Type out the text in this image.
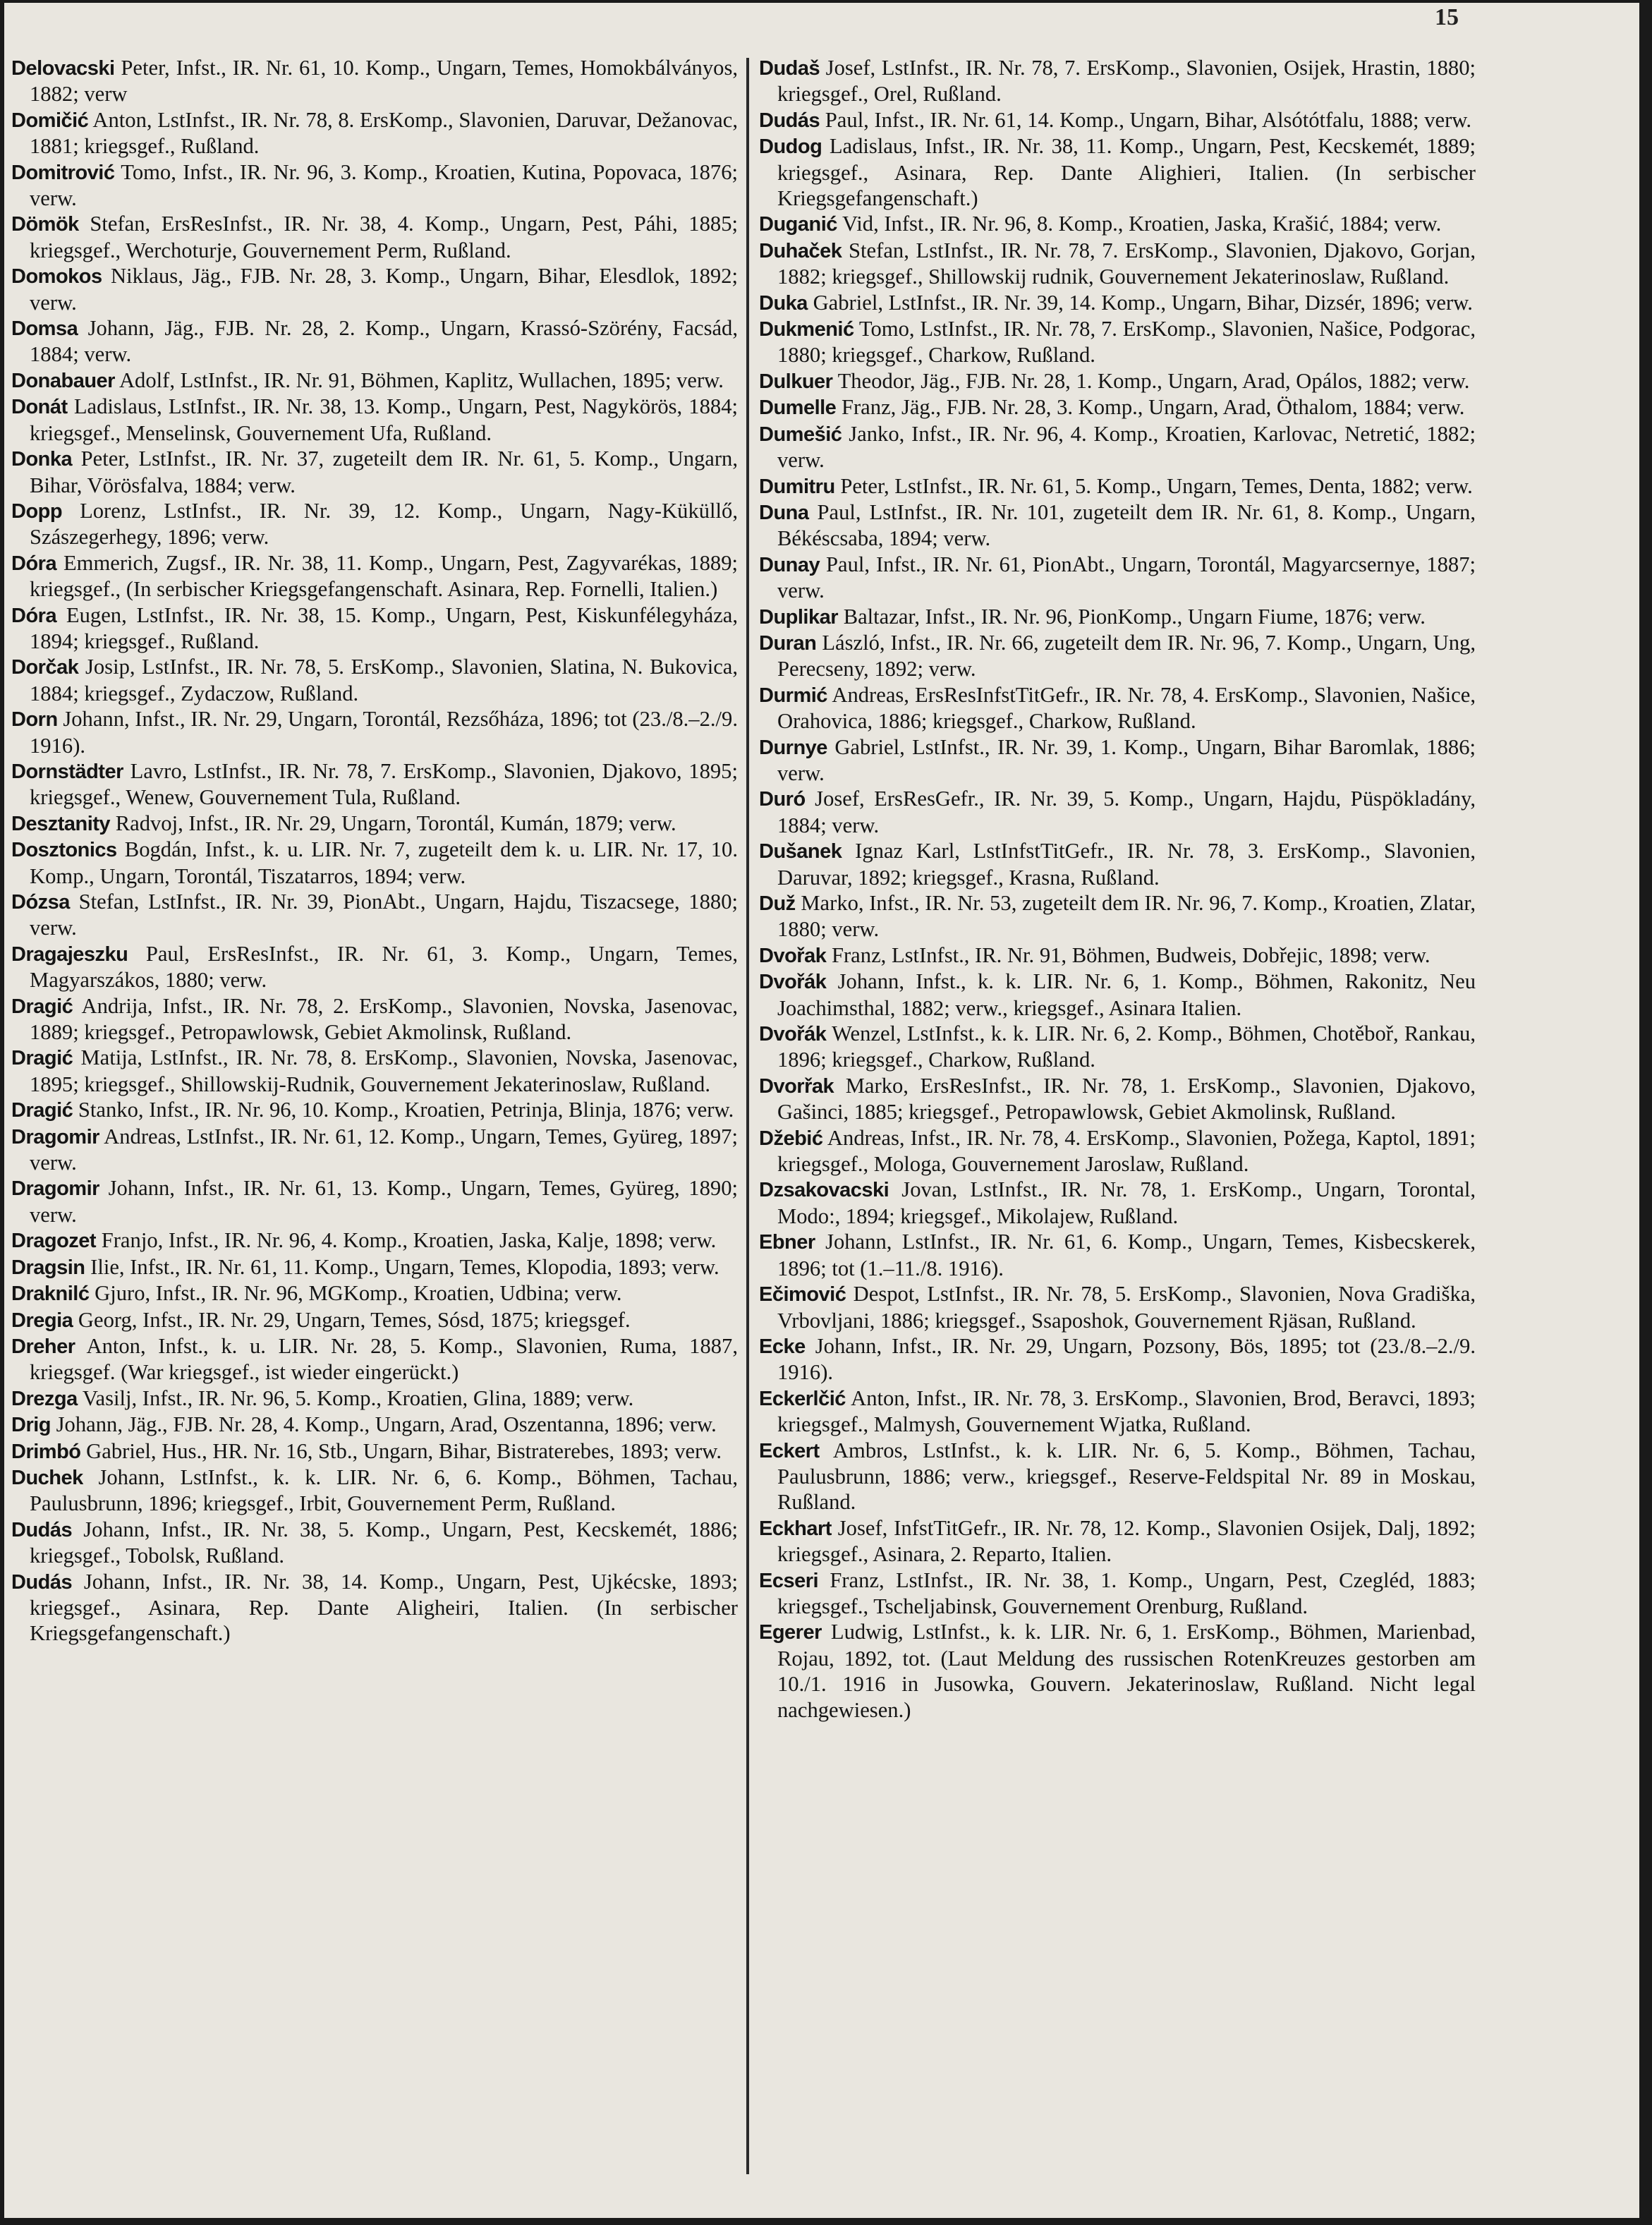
15

Delovacski Peter, Infst., IR. Nr. 61, 10. Komp., Ungarn, Temes, Homokbálványos, 1882; verw

Domičić Anton, LstInfst., IR. Nr. 78, 8. ErsKomp., Slavonien, Daruvar, Dežanovac, 1881; kriegsgef., Rußland.

Domitrović Tomo, Infst., IR. Nr. 96, 3. Komp., Kroatien, Kutina, Popovaca, 1876; verw.

Dömök Stefan, ErsResInfst., IR. Nr. 38, 4. Komp., Ungarn, Pest, Páhi, 1885; kriegsgef., Werchoturje, Gouvernement Perm, Rußland.

Domokos Niklaus, Jäg., FJB. Nr. 28, 3. Komp., Ungarn, Bihar, Elesdlok, 1892; verw.

Domsa Johann, Jäg., FJB. Nr. 28, 2. Komp., Ungarn, Krassó-Szörény, Facsád, 1884; verw.

Donabauer Adolf, LstInfst., IR. Nr. 91, Böhmen, Kaplitz, Wullachen, 1895; verw.

Donát Ladislaus, LstInfst., IR. Nr. 38, 13. Komp., Ungarn, Pest, Nagykörös, 1884; kriegsgef., Menselinsk, Gouvernement Ufa, Rußland.

Donka Peter, LstInfst., IR. Nr. 37, zugeteilt dem IR. Nr. 61, 5. Komp., Ungarn, Bihar, Vörösfalva, 1884; verw.

Dopp Lorenz, LstInfst., IR. Nr. 39, 12. Komp., Ungarn, Nagy-Küküllő, Szászegerhegy, 1896; verw.

Dóra Emmerich, Zugsf., IR. Nr. 38, 11. Komp., Ungarn, Pest, Zagyvarékas, 1889; kriegsgef., (In serbischer Kriegsgefangenschaft. Asinara, Rep. Fornelli, Italien.)

Dóra Eugen, LstInfst., IR. Nr. 38, 15. Komp., Ungarn, Pest, Kiskunfélegyháza, 1894; kriegsgef., Rußland.

Dorčak Josip, LstInfst., IR. Nr. 78, 5. ErsKomp., Slavonien, Slatina, N. Bukovica, 1884; kriegsgef., Zydaczow, Rußland.

Dorn Johann, Infst., IR. Nr. 29, Ungarn, Torontál, Rezsőháza, 1896; tot (23./8.–2./9. 1916).

Dornstädter Lavro, LstInfst., IR. Nr. 78, 7. ErsKomp., Slavonien, Djakovo, 1895; kriegsgef., Wenew, Gouvernement Tula, Rußland.

Desztanity Radvoj, Infst., IR. Nr. 29, Ungarn, Torontál, Kumán, 1879; verw.

Dosztonics Bogdán, Infst., k. u. LIR. Nr. 7, zugeteilt dem k. u. LIR. Nr. 17, 10. Komp., Ungarn, Torontál, Tiszatarros, 1894; verw.

Dózsa Stefan, LstInfst., IR. Nr. 39, PionAbt., Ungarn, Hajdu, Tiszacsege, 1880; verw.

Dragajeszku Paul, ErsResInfst., IR. Nr. 61, 3. Komp., Ungarn, Temes, Magyarszákos, 1880; verw.

Dragić Andrija, Infst., IR. Nr. 78, 2. ErsKomp., Slavonien, Novska, Jasenovac, 1889; kriegsgef., Petropawlowsk, Gebiet Akmolinsk, Rußland.

Dragić Matija, LstInfst., IR. Nr. 78, 8. ErsKomp., Slavonien, Novska, Jasenovac, 1895; kriegsgef., Shillowskij-Rudnik, Gouvernement Jekaterinoslaw, Rußland.

Dragić Stanko, Infst., IR. Nr. 96, 10. Komp., Kroatien, Petrinja, Blinja, 1876; verw.

Dragomir Andreas, LstInfst., IR. Nr. 61, 12. Komp., Ungarn, Temes, Gyüreg, 1897; verw.

Dragomir Johann, Infst., IR. Nr. 61, 13. Komp., Ungarn, Temes, Gyüreg, 1890; verw.

Dragozet Franjo, Infst., IR. Nr. 96, 4. Komp., Kroatien, Jaska, Kalje, 1898; verw.

Dragsin Ilie, Infst., IR. Nr. 61, 11. Komp., Ungarn, Temes, Klopodia, 1893; verw.

Draknilć Gjuro, Infst., IR. Nr. 96, MGKomp., Kroatien, Udbina; verw.

Dregia Georg, Infst., IR. Nr. 29, Ungarn, Temes, Sósd, 1875; kriegsgef.

Dreher Anton, Infst., k. u. LIR. Nr. 28, 5. Komp., Slavonien, Ruma, 1887, kriegsgef. (War kriegsgef., ist wieder eingerückt.)

Drezga Vasilj, Infst., IR. Nr. 96, 5. Komp., Kroatien, Glina, 1889; verw.

Drig Johann, Jäg., FJB. Nr. 28, 4. Komp., Ungarn, Arad, Oszentanna, 1896; verw.

Drimbó Gabriel, Hus., HR. Nr. 16, Stb., Ungarn, Bihar, Bistraterebes, 1893; verw.

Duchek Johann, LstInfst., k. k. LIR. Nr. 6, 6. Komp., Böhmen, Tachau, Paulusbrunn, 1896; kriegsgef., Irbit, Gouvernement Perm, Rußland.

Dudás Johann, Infst., IR. Nr. 38, 5. Komp., Ungarn, Pest, Kecskemét, 1886; kriegsgef., Tobolsk, Rußland.

Dudás Johann, Infst., IR. Nr. 38, 14. Komp., Ungarn, Pest, Ujkécske, 1893; kriegsgef., Asinara, Rep. Dante Aligheiri, Italien. (In serbischer Kriegsgefangenschaft.)

Dudaš Josef, LstInfst., IR. Nr. 78, 7. ErsKomp., Slavonien, Osijek, Hrastin, 1880; kriegsgef., Orel, Rußland.

Dudás Paul, Infst., IR. Nr. 61, 14. Komp., Ungarn, Bihar, Alsótótfalu, 1888; verw.

Dudog Ladislaus, Infst., IR. Nr. 38, 11. Komp., Ungarn, Pest, Kecskemét, 1889; kriegsgef., Asinara, Rep. Dante Alighieri, Italien. (In serbischer Kriegsgefangenschaft.)

Duganić Vid, Infst., IR. Nr. 96, 8. Komp., Kroatien, Jaska, Krašić, 1884; verw.

Duhaček Stefan, LstInfst., IR. Nr. 78, 7. ErsKomp., Slavonien, Djakovo, Gorjan, 1882; kriegsgef., Shillowskij rudnik, Gouvernement Jekaterinoslaw, Rußland.

Duka Gabriel, LstInfst., IR. Nr. 39, 14. Komp., Ungarn, Bihar, Dizsér, 1896; verw.

Dukmenić Tomo, LstInfst., IR. Nr. 78, 7. ErsKomp., Slavonien, Našice, Podgorac, 1880; kriegsgef., Charkow, Rußland.

Dulkuer Theodor, Jäg., FJB. Nr. 28, 1. Komp., Ungarn, Arad, Opálos, 1882; verw.

Dumelle Franz, Jäg., FJB. Nr. 28, 3. Komp., Ungarn, Arad, Öthalom, 1884; verw.

Dumešić Janko, Infst., IR. Nr. 96, 4. Komp., Kroatien, Karlovac, Netretić, 1882; verw.

Dumitru Peter, LstInfst., IR. Nr. 61, 5. Komp., Ungarn, Temes, Denta, 1882; verw.

Duna Paul, LstInfst., IR. Nr. 101, zugeteilt dem IR. Nr. 61, 8. Komp., Ungarn, Békéscsaba, 1894; verw.

Dunay Paul, Infst., IR. Nr. 61, PionAbt., Ungarn, Torontál, Magyarcsernye, 1887; verw.

Duplikar Baltazar, Infst., IR. Nr. 96, PionKomp., Ungarn Fiume, 1876; verw.

Duran László, Infst., IR. Nr. 66, zugeteilt dem IR. Nr. 96, 7. Komp., Ungarn, Ung, Perecseny, 1892; verw.

Durmić Andreas, ErsResInfstTitGefr., IR. Nr. 78, 4. ErsKomp., Slavonien, Našice, Orahovica, 1886; kriegsgef., Charkow, Rußland.

Durnye Gabriel, LstInfst., IR. Nr. 39, 1. Komp., Ungarn, Bihar Baromlak, 1886; verw.

Duró Josef, ErsResGefr., IR. Nr. 39, 5. Komp., Ungarn, Hajdu, Püspökladány, 1884; verw.

Dušanek Ignaz Karl, LstInfstTitGefr., IR. Nr. 78, 3. ErsKomp., Slavonien, Daruvar, 1892; kriegsgef., Krasna, Rußland.

Duž Marko, Infst., IR. Nr. 53, zugeteilt dem IR. Nr. 96, 7. Komp., Kroatien, Zlatar, 1880; verw.

Dvořak Franz, LstInfst., IR. Nr. 91, Böhmen, Budweis, Dobřejic, 1898; verw.

Dvořák Johann, Infst., k. k. LIR. Nr. 6, 1. Komp., Böhmen, Rakonitz, Neu Joachimsthal, 1882; verw., kriegsgef., Asinara Italien.

Dvořák Wenzel, LstInfst., k. k. LIR. Nr. 6, 2. Komp., Böhmen, Chotěboř, Rankau, 1896; kriegsgef., Charkow, Rußland.

Dvorřak Marko, ErsResInfst., IR. Nr. 78, 1. ErsKomp., Slavonien, Djakovo, Gašinci, 1885; kriegsgef., Petropawlowsk, Gebiet Akmolinsk, Rußland.

Džebić Andreas, Infst., IR. Nr. 78, 4. ErsKomp., Slavonien, Požega, Kaptol, 1891; kriegsgef., Mologa, Gouvernement Jaroslaw, Rußland.

Dzsakovacski Jovan, LstInfst., IR. Nr. 78, 1. ErsKomp., Ungarn, Torontal, Modo:, 1894; kriegsgef., Mikolajew, Rußland.

Ebner Johann, LstInfst., IR. Nr. 61, 6. Komp., Ungarn, Temes, Kisbecskerek, 1896; tot (1.–11./8. 1916).

Ečimović Despot, LstInfst., IR. Nr. 78, 5. ErsKomp., Slavonien, Nova Gradiška, Vrbovljani, 1886; kriegsgef., Ssaposhok, Gouvernement Rjäsan, Rußland.

Ecke Johann, Infst., IR. Nr. 29, Ungarn, Pozsony, Bös, 1895; tot (23./8.–2./9. 1916).

Eckerlčić Anton, Infst., IR. Nr. 78, 3. ErsKomp., Slavonien, Brod, Beravci, 1893; kriegsgef., Malmysh, Gouvernement Wjatka, Rußland.

Eckert Ambros, LstInfst., k. k. LIR. Nr. 6, 5. Komp., Böhmen, Tachau, Paulusbrunn, 1886; verw., kriegsgef., Reserve-Feldspital Nr. 89 in Moskau, Rußland.

Eckhart Josef, InfstTitGefr., IR. Nr. 78, 12. Komp., Slavonien Osijek, Dalj, 1892; kriegsgef., Asinara, 2. Reparto, Italien.

Ecseri Franz, LstInfst., IR. Nr. 38, 1. Komp., Ungarn, Pest, Czegléd, 1883; kriegsgef., Tscheljabinsk, Gouvernement Orenburg, Rußland.

Egerer Ludwig, LstInfst., k. k. LIR. Nr. 6, 1. ErsKomp., Böhmen, Marienbad, Rojau, 1892, tot. (Laut Meldung des russischen RotenKreuzes gestorben am 10./1. 1916 in Jusowka, Gouvern. Jekaterinoslaw, Rußland. Nicht legal nachgewiesen.)
